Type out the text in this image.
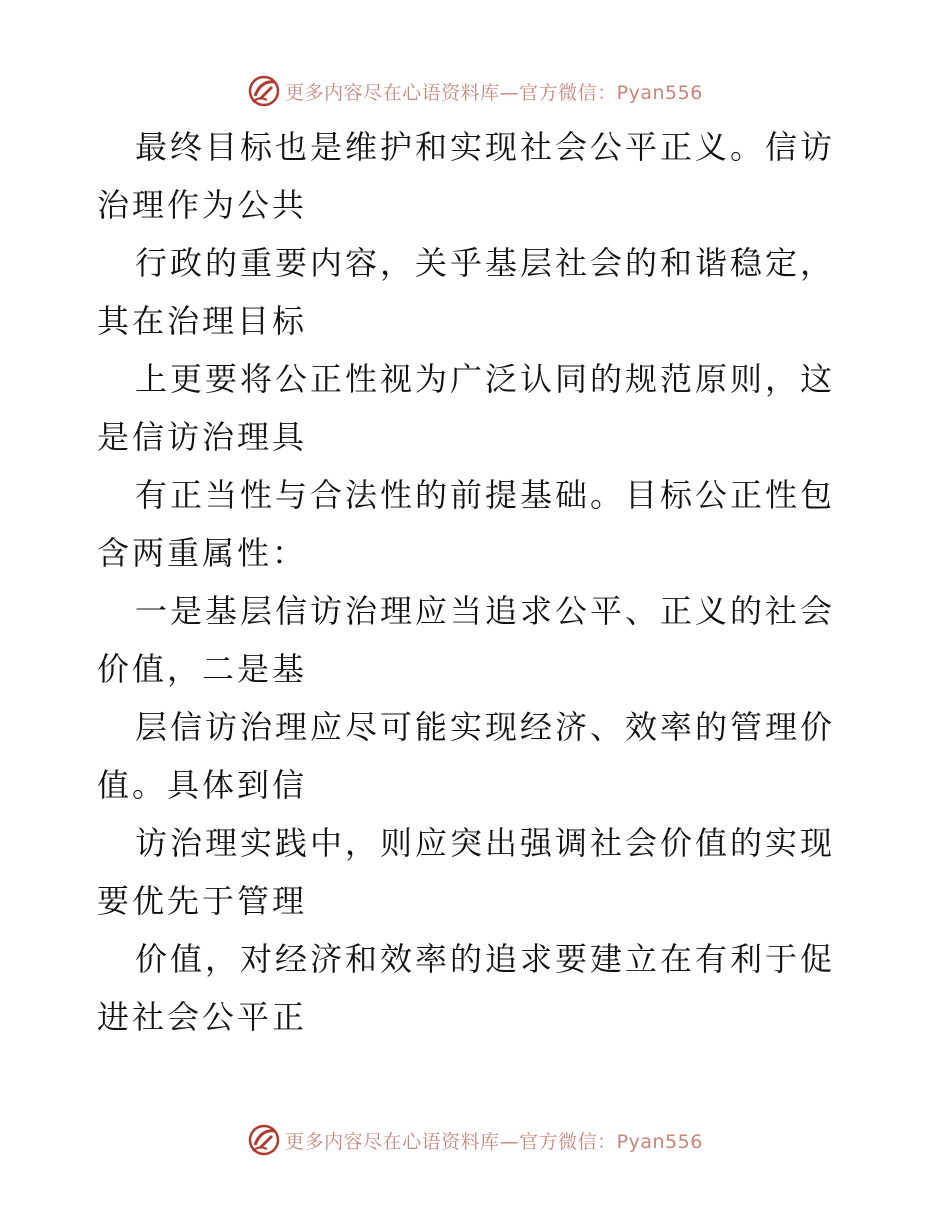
更多内容尽在心语资料库—官方微信：Pyan556

最终目标也是维护和实现社会公平正义。信访治理作为公共

行政的重要内容，关乎基层社会的和谐稳定，其在治理目标

上更要将公正性视为广泛认同的规范原则，这是信访治理具

有正当性与合法性的前提基础。目标公正性包含两重属性：

一是基层信访治理应当追求公平、正义的社会价值，二是基

层信访治理应尽可能实现经济、效率的管理价值。具体到信

访治理实践中，则应突出强调社会价值的实现要优先于管理

价值，对经济和效率的追求要建立在有利于促进社会公平正

更多内容尽在心语资料库—官方微信：Pyan556
